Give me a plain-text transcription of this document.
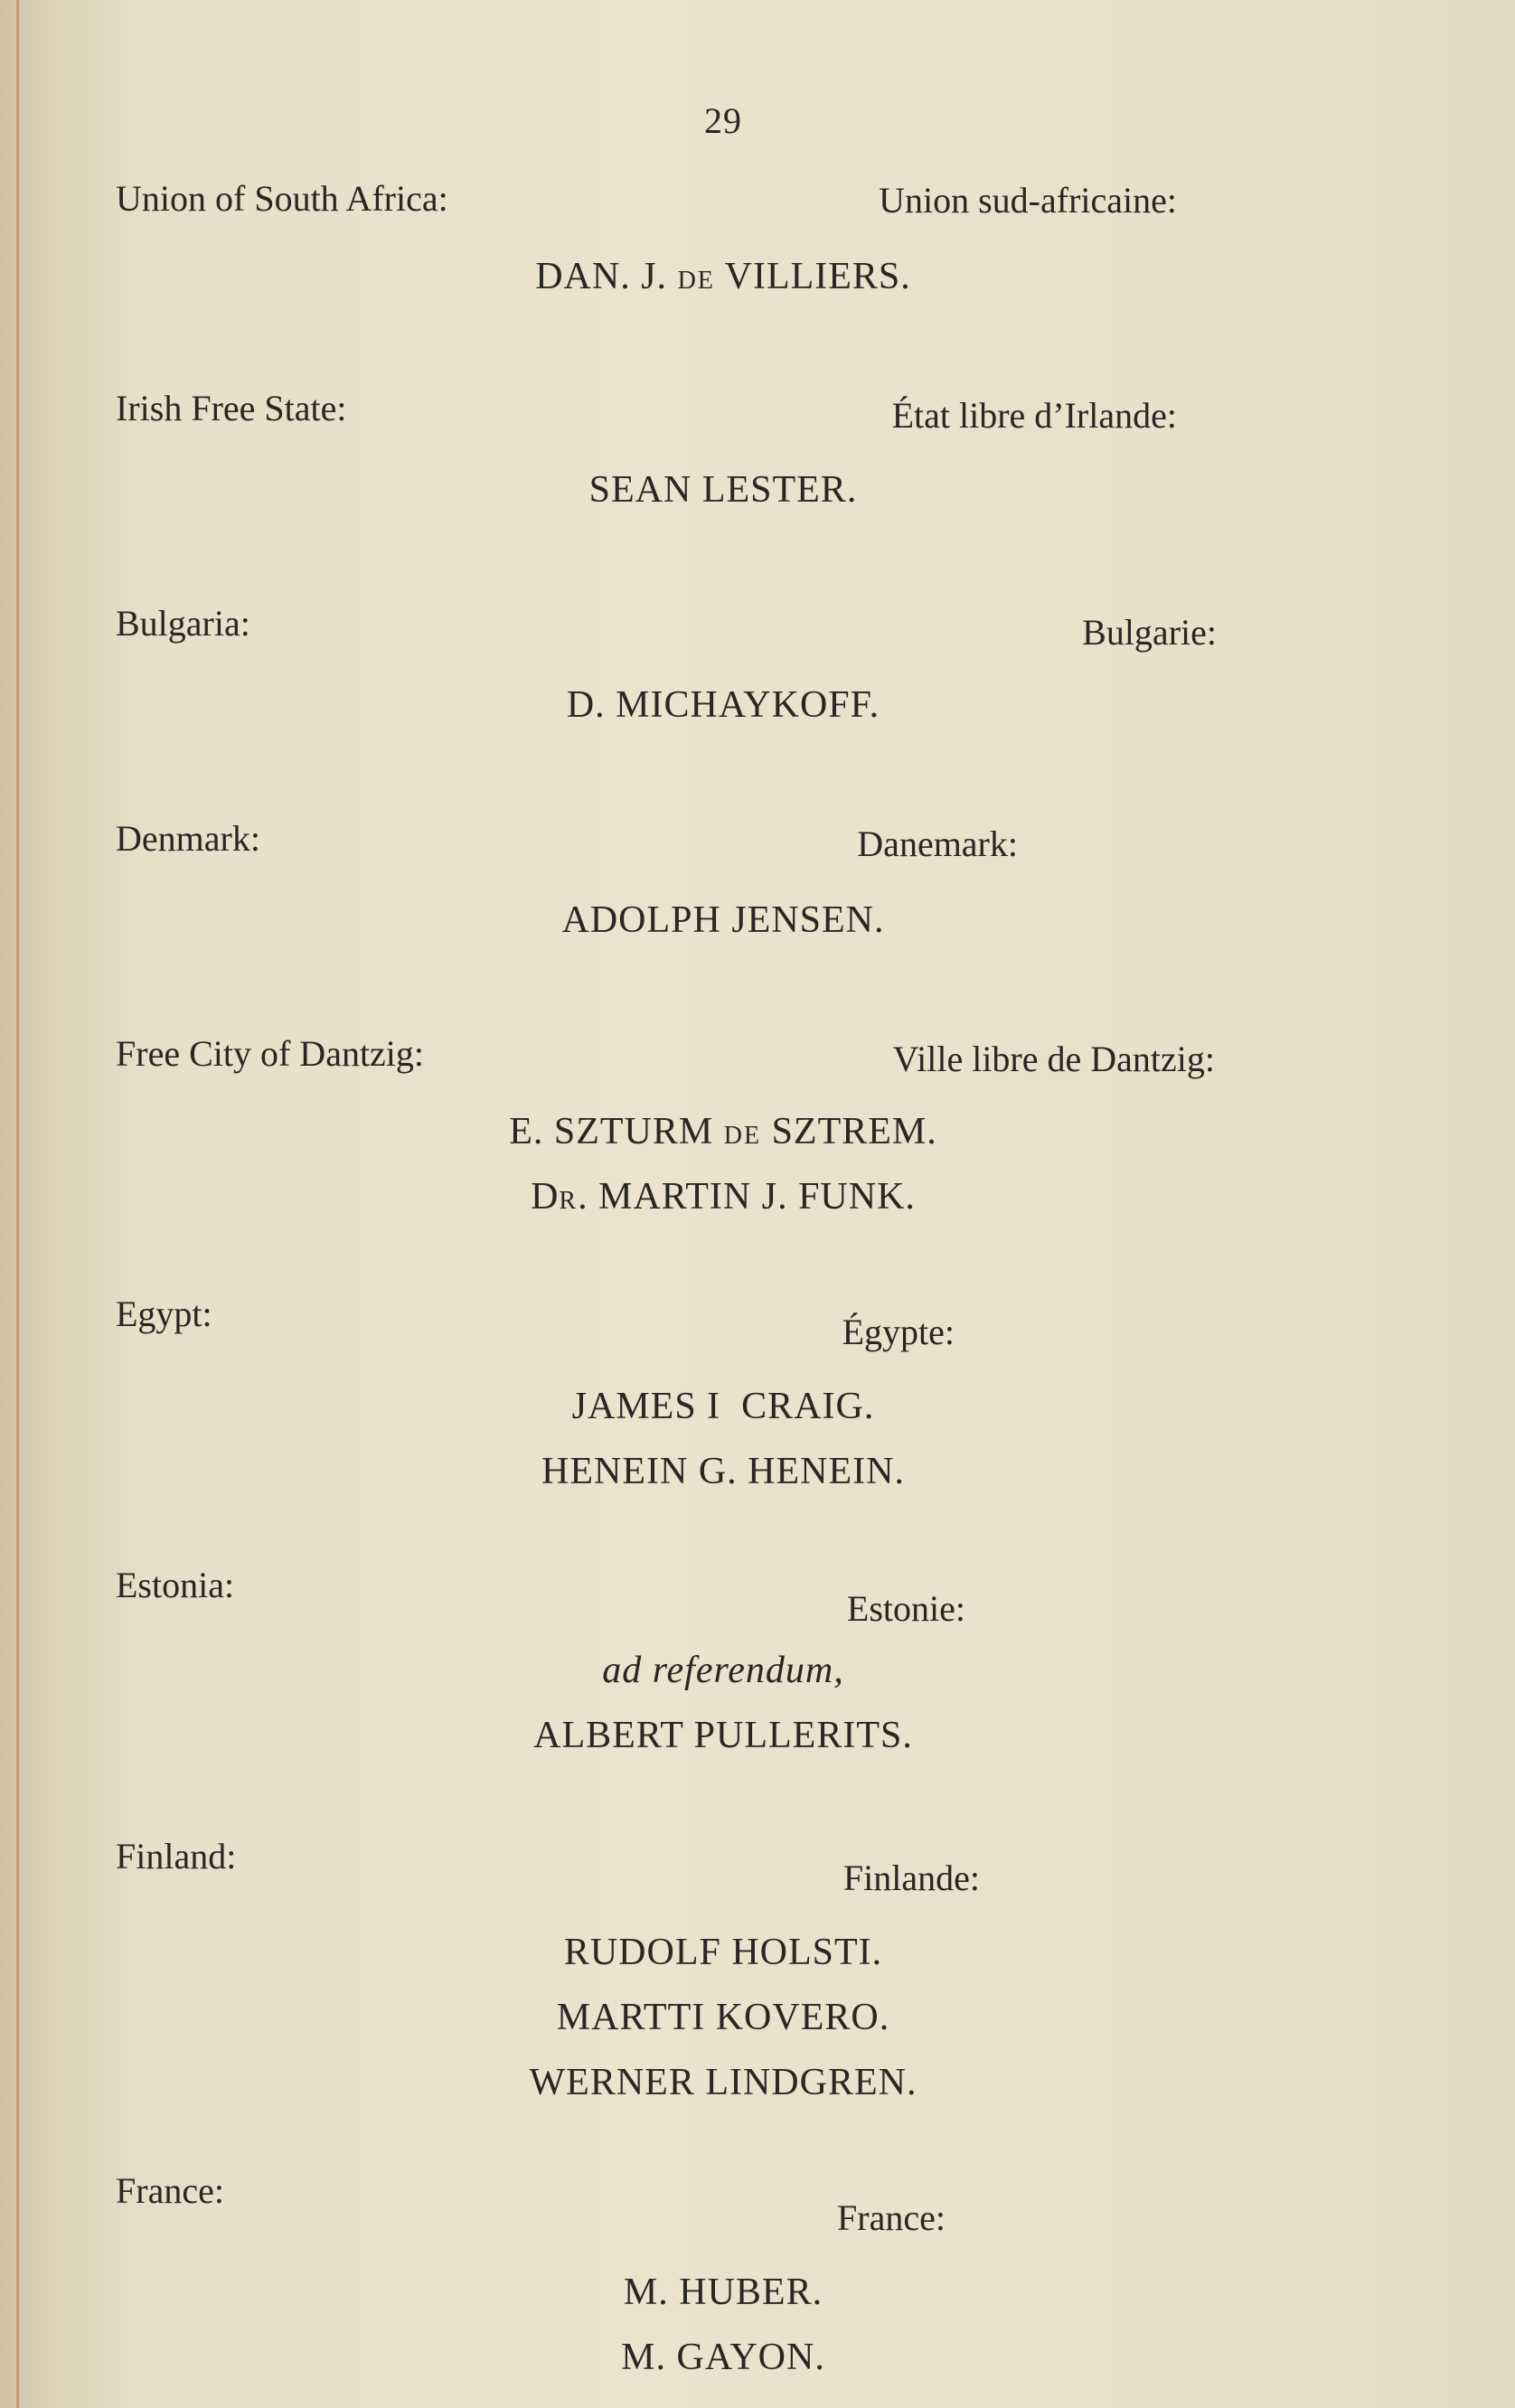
29
Union of South Africa:	Union sud-africaine:
DAN. J. DE VILLIERS.
Irish Free State:	État libre d’Irlande:
SEAN LESTER.
Bulgaria:	Bulgarie:
D. MICHAYKOFF.
Denmark:	Danemark:
ADOLPH JENSEN.
Free City of Dantzig:	Ville libre de Dantzig:
E. SZTURM DE SZTREM.
DR. MARTIN J. FUNK.
Egypt:	Égypte:
JAMES I  CRAIG.
HENEIN G. HENEIN.
Estonia:
Estonie:
ad referendum,
ALBERT PULLERITS.
Finland:
Finlande:
RUDOLF HOLSTI.
MARTTI KOVERO.
WERNER LINDGREN.
France:
France:
M. HUBER.
M. GAYON.
